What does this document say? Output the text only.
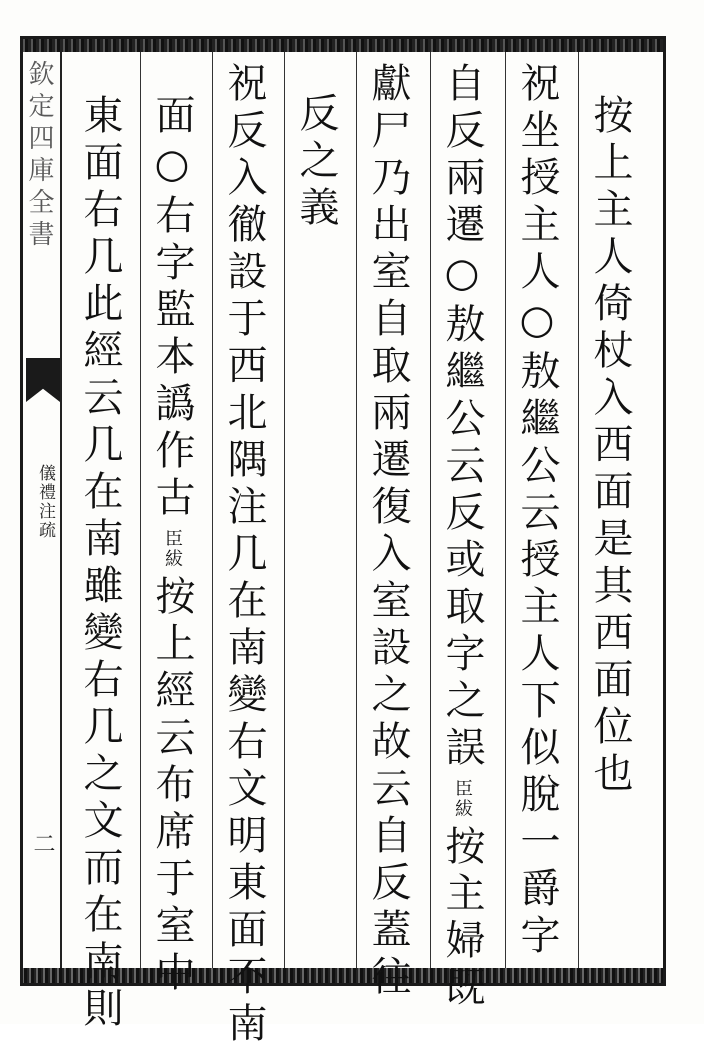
欽定四庫全書
儀禮注疏
二
按上主人倚杖入西面是其西面位也
祝坐授主人○敖繼公云授主人下似脫一爵字
自反兩遷○敖繼公云反或取字之誤臣紱按主婦既
獻尸乃出室自取兩遷復入室設之故云自反蓋往
反之義
祝反入徹設于西北隅注几在南變右文明東面不南
面○右字監本譌作古臣紱按上經云布席于室中
東面右几此經云几在南雖變右几之文而在南則
